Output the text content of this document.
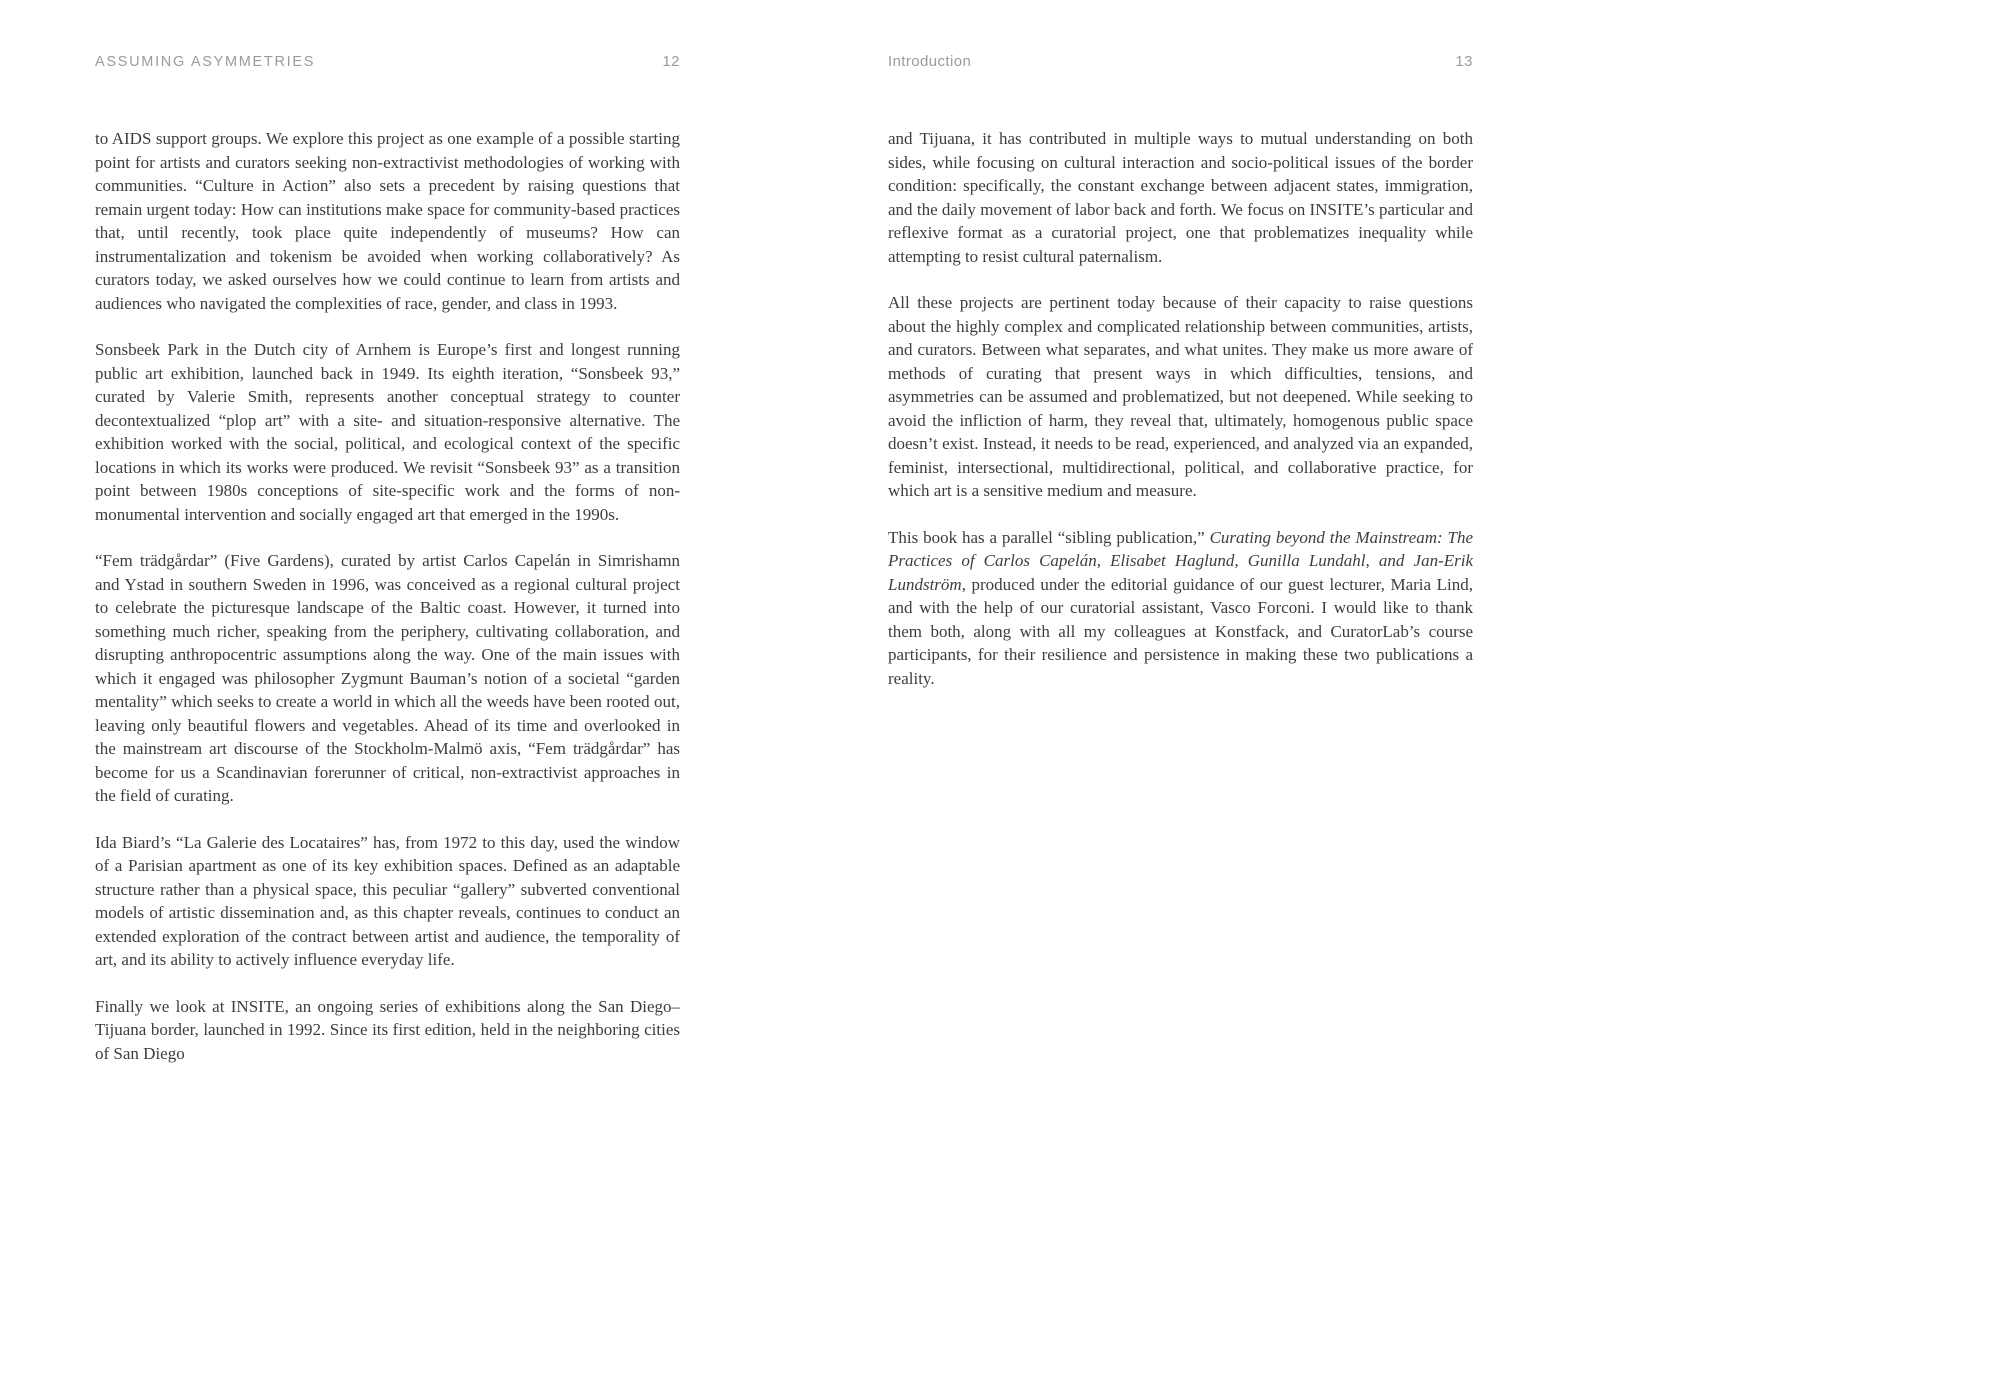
ASSUMING ASYMMETRIES	12

to AIDS support groups. We explore this project as one example of a possible starting point for artists and curators seeking non-extractivist methodologies of working with communities. “Culture in Action” also sets a precedent by raising questions that remain urgent today: How can institutions make space for community-based practices that, until recently, took place quite independently of museums? How can instrumentalization and tokenism be avoided when working collaboratively? As curators today, we asked ourselves how we could continue to learn from artists and audiences who navigated the complexities of race, gender, and class in 1993.

Sonsbeek Park in the Dutch city of Arnhem is Europe’s first and longest running public art exhibition, launched back in 1949. Its eighth iteration, “Sonsbeek 93,” curated by Valerie Smith, represents another conceptual strategy to counter decontextualized “plop art” with a site- and situation-responsive alternative. The exhibition worked with the social, political, and ecological context of the specific locations in which its works were produced. We revisit “Sonsbeek 93” as a transition point between 1980s conceptions of site-specific work and the forms of non-monumental intervention and socially engaged art that emerged in the 1990s.

“Fem trädgårdar” (Five Gardens), curated by artist Carlos Capelán in Simrishamn and Ystad in southern Sweden in 1996, was conceived as a regional cultural project to celebrate the picturesque landscape of the Baltic coast. However, it turned into something much richer, speaking from the periphery, cultivating collaboration, and disrupting anthropocentric assumptions along the way. One of the main issues with which it engaged was philosopher Zygmunt Bauman’s notion of a societal “garden mentality” which seeks to create a world in which all the weeds have been rooted out, leaving only beautiful flowers and vegetables. Ahead of its time and overlooked in the mainstream art discourse of the Stockholm-Malmö axis, “Fem trädgårdar” has become for us a Scandinavian forerunner of critical, non-extractivist approaches in the field of curating.

Ida Biard’s “La Galerie des Locataires” has, from 1972 to this day, used the window of a Parisian apartment as one of its key exhibition spaces. Defined as an adaptable structure rather than a physical space, this peculiar “gallery” subverted conventional models of artistic dissemination and, as this chapter reveals, continues to conduct an extended exploration of the contract between artist and audience, the temporality of art, and its ability to actively influence everyday life.

Finally we look at INSITE, an ongoing series of exhibitions along the San Diego–Tijuana border, launched in 1992. Since its first edition, held in the neighboring cities of San Diego

Introduction	13

and Tijuana, it has contributed in multiple ways to mutual understanding on both sides, while focusing on cultural interaction and socio-political issues of the border condition: specifically, the constant exchange between adjacent states, immigration, and the daily movement of labor back and forth. We focus on INSITE’s particular and reflexive format as a curatorial project, one that problematizes inequality while attempting to resist cultural paternalism.

All these projects are pertinent today because of their capacity to raise questions about the highly complex and complicated relationship between communities, artists, and curators. Between what separates, and what unites. They make us more aware of methods of curating that present ways in which difficulties, tensions, and asymmetries can be assumed and problematized, but not deepened. While seeking to avoid the infliction of harm, they reveal that, ultimately, homogenous public space doesn’t exist. Instead, it needs to be read, experienced, and analyzed via an expanded, feminist, intersectional, multidirectional, political, and collaborative practice, for which art is a sensitive medium and measure.

This book has a parallel “sibling publication,” Curating beyond the Mainstream: The Practices of Carlos Capelán, Elisabet Haglund, Gunilla Lundahl, and Jan-Erik Lundström, produced under the editorial guidance of our guest lecturer, Maria Lind, and with the help of our curatorial assistant, Vasco Forconi. I would like to thank them both, along with all my colleagues at Konstfack, and CuratorLab’s course participants, for their resilience and persistence in making these two publications a reality.
